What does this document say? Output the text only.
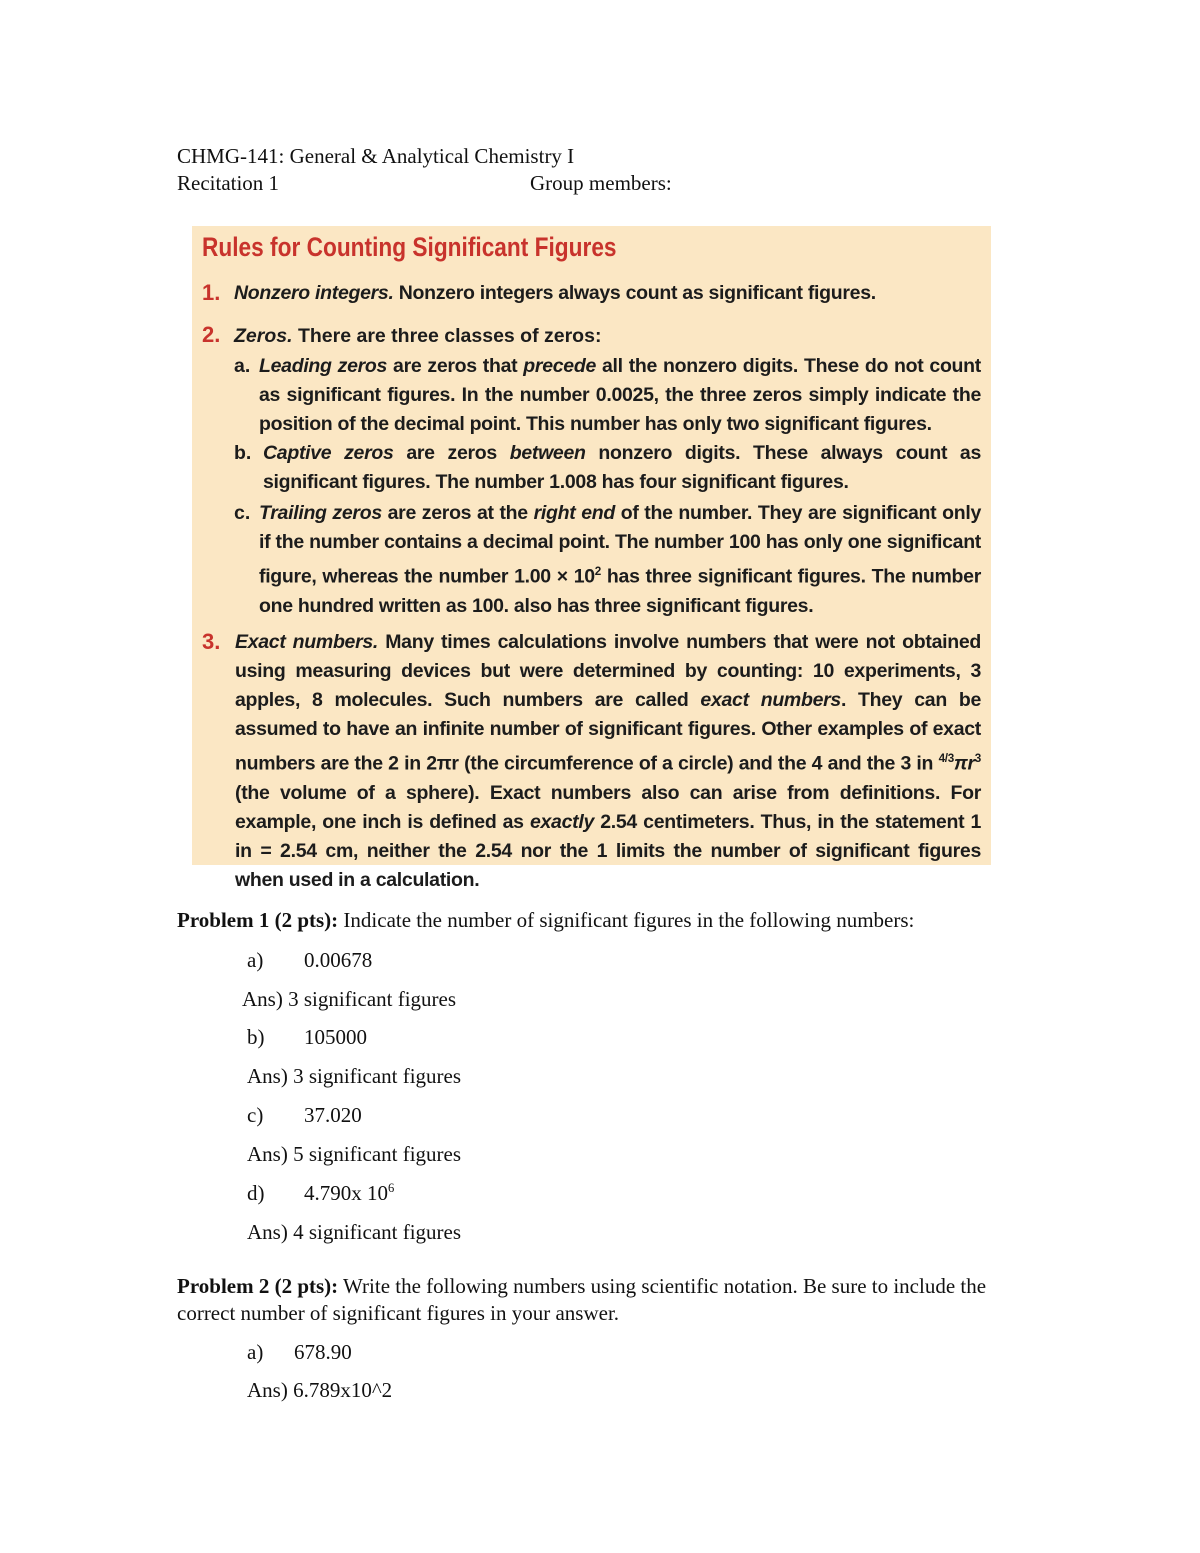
CHMG-141: General & Analytical Chemistry I
Recitation 1	Group members:
Rules for Counting Significant Figures
1. Nonzero integers. Nonzero integers always count as significant figures.
2. Zeros. There are three classes of zeros:
a. Leading zeros are zeros that precede all the nonzero digits. These do not count as significant figures. In the number 0.0025, the three zeros simply indicate the position of the decimal point. This number has only two significant figures.
b. Captive zeros are zeros between nonzero digits. These always count as significant figures. The number 1.008 has four significant figures.
c. Trailing zeros are zeros at the right end of the number. They are significant only if the number contains a decimal point. The number 100 has only one significant figure, whereas the number $1.00 \times 10^2$ has three significant figures. The number one hundred written as 100. also has three significant figures.
3. Exact numbers. Many times calculations involve numbers that were not obtained using measuring devices but were determined by counting: 10 experiments, 3 apples, 8 molecules. Such numbers are called exact numbers. They can be assumed to have an infinite number of significant figures. Other examples of exact numbers are the 2 in 2πr (the circumference of a circle) and the 4 and the 3 in $^{4/3}\pi r^3$ (the volume of a sphere). Exact numbers also can arise from definitions. For example, one inch is defined as exactly 2.54 centimeters. Thus, in the statement 1 in = 2.54 cm, neither the 2.54 nor the 1 limits the number of significant figures when used in a calculation.
Problem 1 (2 pts): Indicate the number of significant figures in the following numbers:
a) 0.00678
Ans) 3 significant figures
b) 105000
Ans) 3 significant figures
c) 37.020
Ans) 5 significant figures
d) 4.790x $10^6$
Ans) 4 significant figures
Problem 2 (2 pts): Write the following numbers using scientific notation. Be sure to include the correct number of significant figures in your answer.
a) 678.90
Ans) 6.789x10^2
